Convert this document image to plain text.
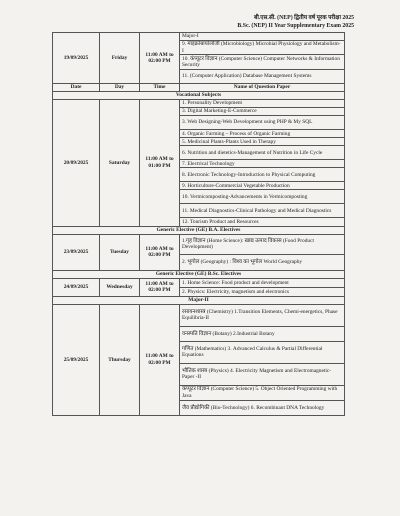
बी.एस.सी. (NEP) द्वितीय वर्ष पूरक परीक्षा 2025
B.Sc. (NEP) II Year Supplementary Exam 2025
19/09/2025	Friday	11:00 AM to 02:00 PM	Major-I
			9. माइक्रोबायोलॉजी (Microbiology) Microbial Physiology and Metabolism-I
			10. कंप्यूटर विज्ञान (Computer Science) Computer Networks & Information Security
			11. (Computer Application) Database Management Systems
Date	Day	Time	Name of Question Paper
Vocational Subjects			
20/09/2025	Saturday	11:00 AM to 01:00 PM	1. Personality Development
			3. Digital Marketing-E-Commerce
			3. Web Designing-Web Development using PHP & My SQL
			4. Organic Farming – Process of Organic Farming
			5. Medicinal Plants-Plants Used in Therapy
			6. Nutrition and dietetics-Management of Nutrition in Life Cycle
			7. Electrical Technology
			8. Electronic Technology-Introduction to Physical Computing
			9. Horticulture-Commercial Vegetable Production
			10. Vermicomposting-Advancements in Vermicomposting
			11. Medical Diagnostics-Clinical Pathology and Medical Diagnostics
			12. Tourism Product and Resources
Generic Elective (GE) B.A. Electives			
23/09/2025	Tuesday	11:00 AM to 02:00 PM	1.गृह विज्ञान (Home Science): खाद्य उत्पाद विकास (Food Product Development)
			2. भूगोल (Geography) : विश्व का भूगोल World Geography
Generic Elective (GE) B.Sc. Electives			
24/09/2025	Wednesday	11:00 AM to 02:00 PM	1. Home Science: Food product and development
			2. Physics: Electricity, magnetism and electronics
Major-II			
25/09/2025	Thursday	11:00 AM to 02:00 PM	रसायनशास्त्र (Chemistry) 1.Transition Elements, Chemi-energetics, Phase Equilibria-II
			वनस्पति विज्ञान (Botany) 2.Industrial Botany
			गणित (Mathematics) 3. Advanced Calculus & Partial Differential Equations
			भौतिक शास्त्र (Physics) 4. Electricity Magnetism and Electromagnetic-Paper -II
			कंप्यूटर विज्ञान (Computer Science) 5. Object Oriented Programming with Java
			जैव प्रौद्योगिकी (Bio-Technology) 6. Recombinant DNA Technology
